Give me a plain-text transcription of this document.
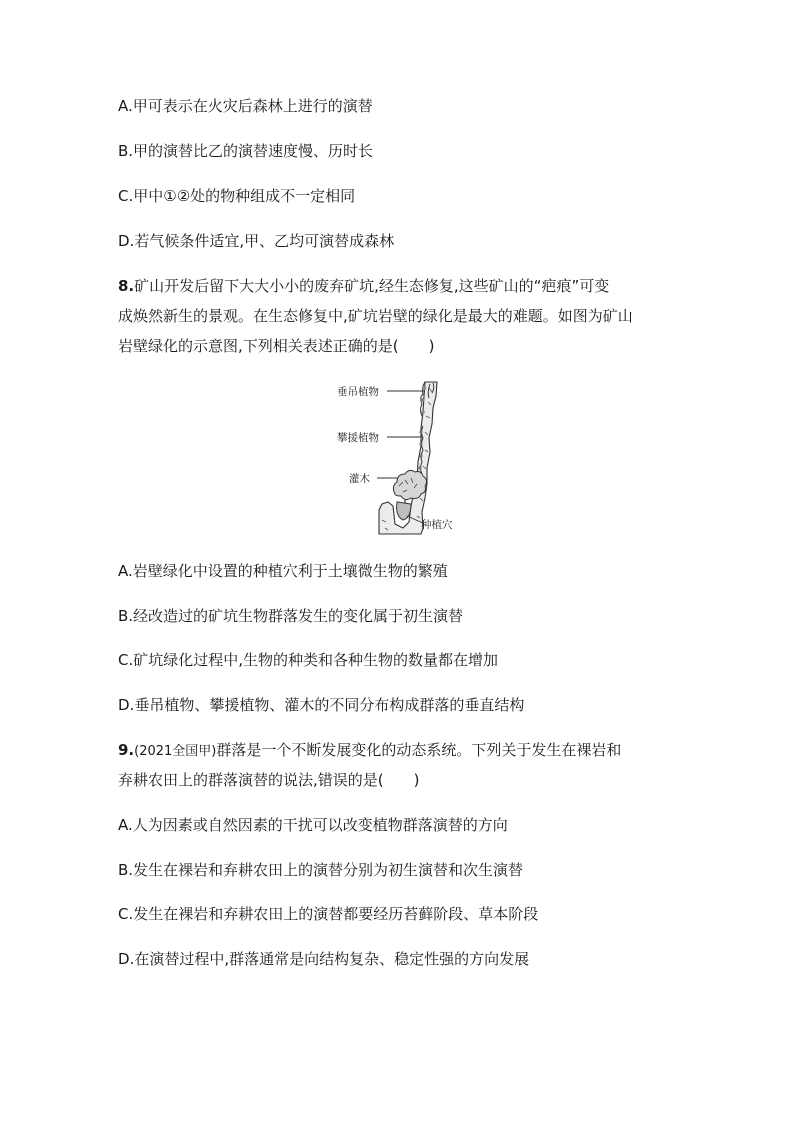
A.甲可表示在火灾后森林上进行的演替
B.甲的演替比乙的演替速度慢、历时长
C.甲中①②处的物种组成不一定相同
D.若气候条件适宜,甲、乙均可演替成森林
8.矿山开发后留下大大小小的废弃矿坑,经生态修复,这些矿山的“疤痕”可变
成焕然新生的景观。在生态修复中,矿坑岩壁的绿化是最大的难题。如图为矿山
岩壁绿化的示意图,下列相关表述正确的是(　　)
垂吊植物
攀援植物
灌木
种植穴
A.岩壁绿化中设置的种植穴利于土壤微生物的繁殖
B.经改造过的矿坑生物群落发生的变化属于初生演替
C.矿坑绿化过程中,生物的种类和各种生物的数量都在增加
D.垂吊植物、攀援植物、灌木的不同分布构成群落的垂直结构
9.(2021全国甲)群落是一个不断发展变化的动态系统。下列关于发生在裸岩和
弃耕农田上的群落演替的说法,错误的是(　　)
A.人为因素或自然因素的干扰可以改变植物群落演替的方向
B.发生在裸岩和弃耕农田上的演替分别为初生演替和次生演替
C.发生在裸岩和弃耕农田上的演替都要经历苔藓阶段、草本阶段
D.在演替过程中,群落通常是向结构复杂、稳定性强的方向发展
